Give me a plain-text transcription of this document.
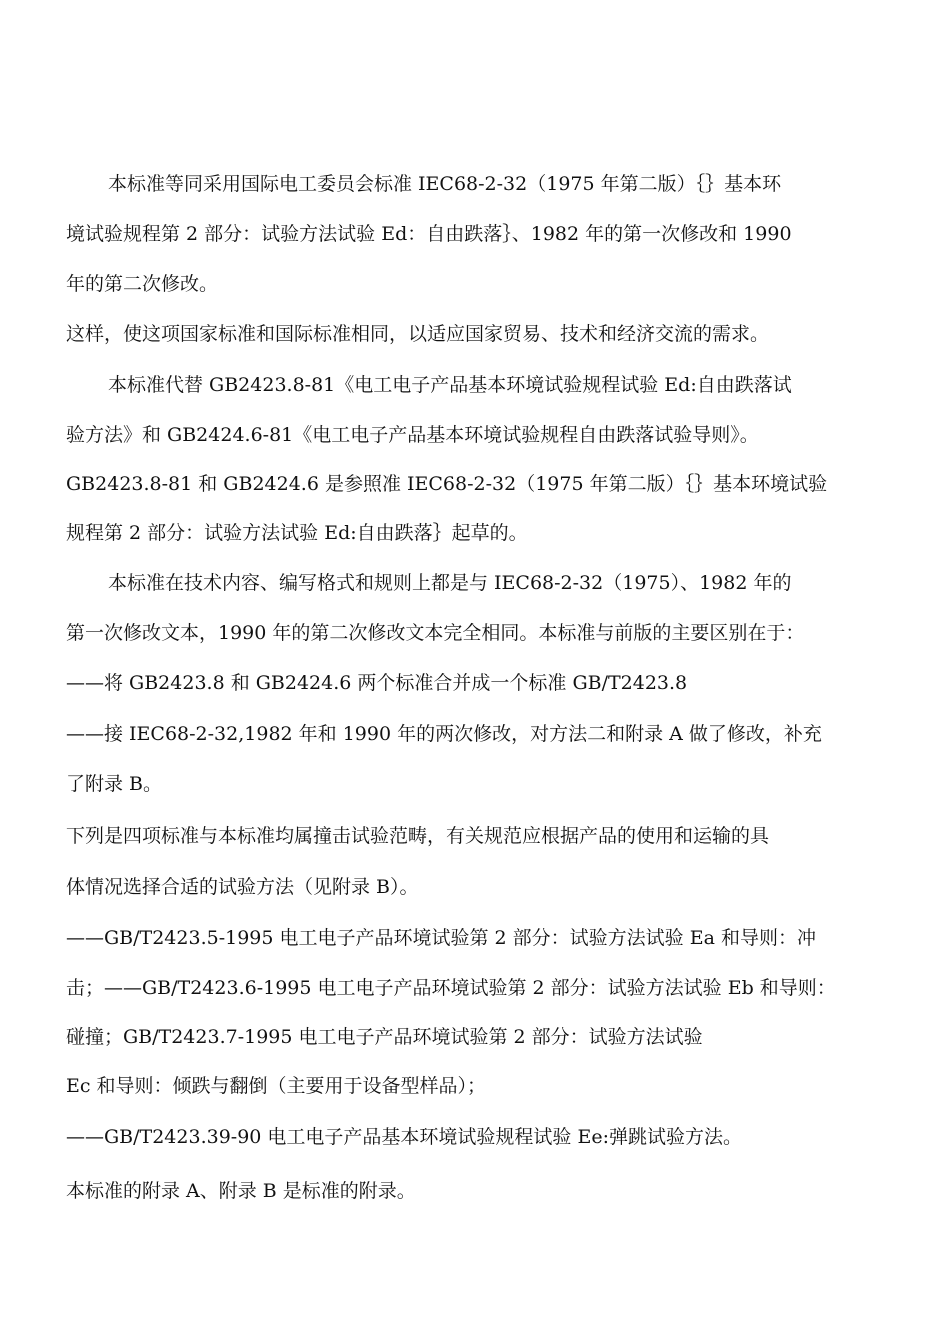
本标准等同采用国际电工委员会标准 IEC68-2-32（1975 年第二版）｛｝基本环
境试验规程第 2 部分：试验方法试验 Ed：自由跌落｝、1982 年的第一次修改和 1990
年的第二次修改。
这样，使这项国家标准和国际标准相同，以适应国家贸易、技术和经济交流的需求。
本标准代替 GB2423.8-81《电工电子产品基本环境试验规程试验 Ed:自由跌落试
验方法》和 GB2424.6-81《电工电子产品基本环境试验规程自由跌落试验导则》。
GB2423.8-81 和 GB2424.6 是参照准 IEC68-2-32（1975 年第二版）｛｝基本环境试验
规程第 2 部分：试验方法试验 Ed:自由跌落｝起草的。
本标准在技术内容、编写格式和规则上都是与 IEC68-2-32（1975）、1982 年的
第一次修改文本，1990 年的第二次修改文本完全相同。本标准与前版的主要区别在于：
——将 GB2423.8 和 GB2424.6 两个标准合并成一个标准 GB/T2423.8
——接 IEC68-2-32,1982 年和 1990 年的两次修改，对方法二和附录 A 做了修改，补充
了附录 B。
下列是四项标准与本标准均属撞击试验范畴，有关规范应根据产品的使用和运输的具
体情况选择合适的试验方法（见附录 B）。
——GB/T2423.5-1995 电工电子产品环境试验第 2 部分：试验方法试验 Ea 和导则：冲
击；——GB/T2423.6-1995 电工电子产品环境试验第 2 部分：试验方法试验 Eb 和导则：
碰撞；GB/T2423.7-1995 电工电子产品环境试验第 2 部分：试验方法试验
Ec 和导则：倾跌与翻倒（主要用于设备型样品）；
——GB/T2423.39-90 电工电子产品基本环境试验规程试验 Ee:弹跳试验方法。
本标准的附录 A、附录 B 是标准的附录。
